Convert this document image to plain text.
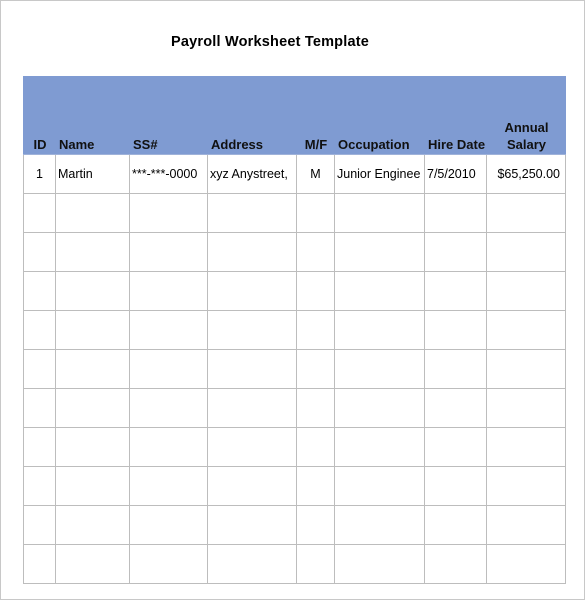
Payroll Worksheet Template
ID	Name	SS#	Address	M/F	Occupation	Hire Date	Annual
Salary

1	Martin	***-***-0000	xyz Anystreet,	M	Junior Enginee	7/5/2010	$65,250.00
